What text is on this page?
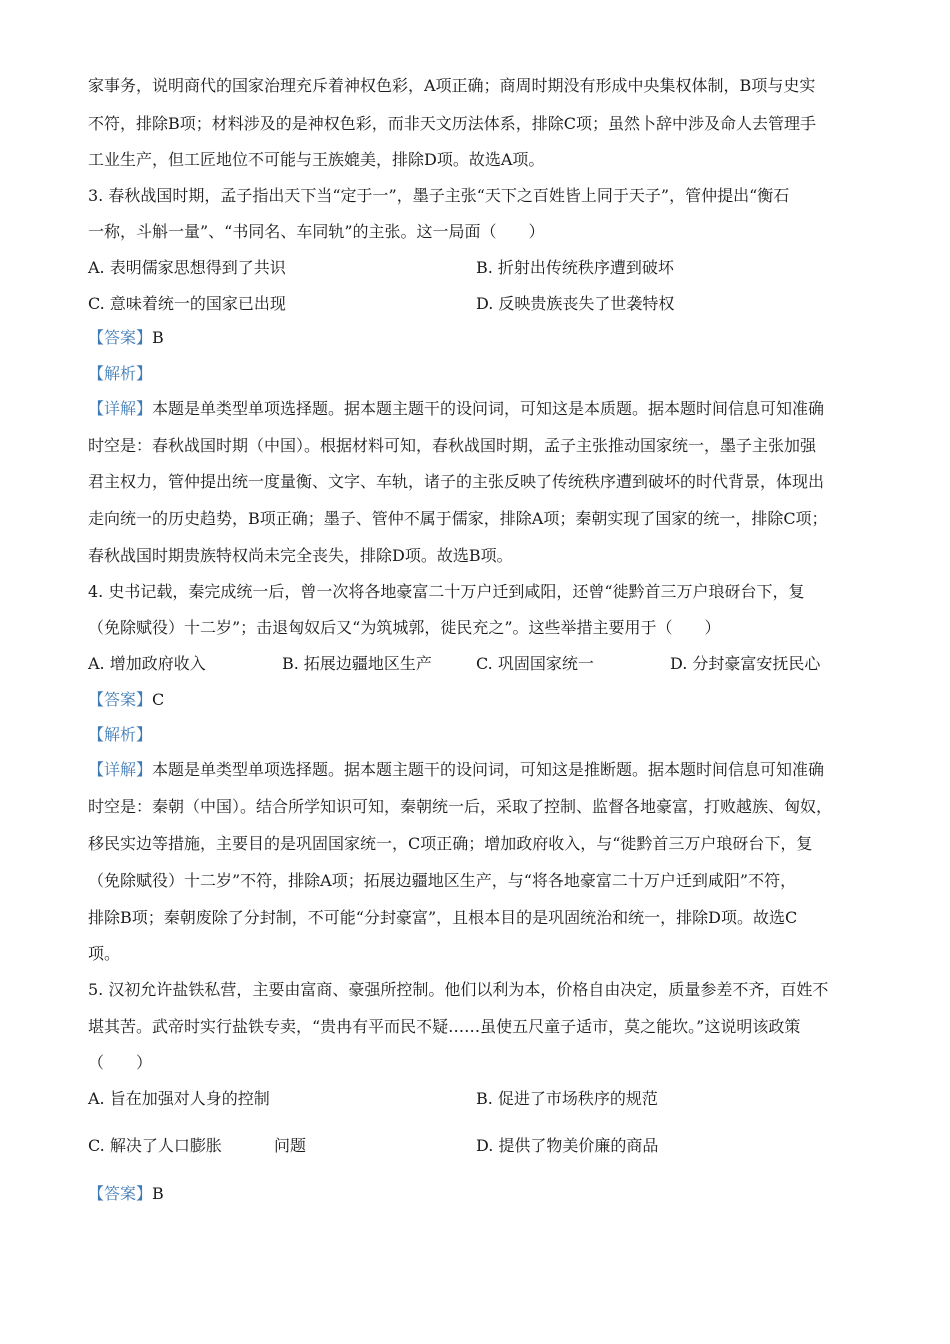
家事务，说明商代的国家治理充斥着神权色彩，A项正确；商周时期没有形成中央集权体制，B项与史实
不符，排除B项；材料涉及的是神权色彩，而非天文历法体系，排除C项；虽然卜辞中涉及命人去管理手
工业生产，但工匠地位不可能与王族媲美，排除D项。故选A项。
3. 春秋战国时期，孟子指出天下当“定于一”，墨子主张“天下之百姓皆上同于天子”，管仲提出“衡石
一称，斗斛一量”、“书同名、车同轨”的主张。这一局面（　　）
A. 表明儒家思想得到了共识	B. 折射出传统秩序遭到破坏
C. 意味着统一的国家已出现	D. 反映贵族丧失了世袭特权
【答案】B
【解析】
【详解】本题是单类型单项选择题。据本题主题干的设问词，可知这是本质题。据本题时间信息可知准确
时空是：春秋战国时期（中国）。根据材料可知，春秋战国时期，孟子主张推动国家统一，墨子主张加强
君主权力，管仲提出统一度量衡、文字、车轨，诸子的主张反映了传统秩序遭到破坏的时代背景，体现出
走向统一的历史趋势，B项正确；墨子、管仲不属于儒家，排除A项；秦朝实现了国家的统一，排除C项；
春秋战国时期贵族特权尚未完全丧失，排除D项。故选B项。
4. 史书记载，秦完成统一后，曾一次将各地豪富二十万户迁到咸阳，还曾“徙黔首三万户琅砑台下，复
（免除赋役）十二岁”；击退匈奴后又“为筑城郭，徙民充之”。这些举措主要用于（　　）
A. 增加政府收入	B. 拓展边疆地区生产	C. 巩固国家统一	D. 分封豪富安抚民心
【答案】C
【解析】
【详解】本题是单类型单项选择题。据本题主题干的设问词，可知这是推断题。据本题时间信息可知准确
时空是：秦朝（中国）。结合所学知识可知，秦朝统一后，采取了控制、监督各地豪富，打败越族、匈奴，
移民实边等措施，主要目的是巩固国家统一，C项正确；增加政府收入，与“徙黔首三万户琅砑台下，复
（免除赋役）十二岁”不符，排除A项；拓展边疆地区生产，与“将各地豪富二十万户迁到咸阳”不符，
排除B项；秦朝废除了分封制，不可能“分封豪富”，且根本目的是巩固统治和统一，排除D项。故选C
项。
5. 汉初允许盐铁私营，主要由富商、豪强所控制。他们以利为本，价格自由决定，质量参差不齐，百姓不
堪其苦。武帝时实行盐铁专卖，“贵冉有平而民不疑……虽使五尺童子适市，莫之能坎。”这说明该政策
（　　）
A. 旨在加强对人身的控制	B. 促进了市场秩序的规范
C. 解决了人口膨胀	问题	D. 提供了物美价廉的商品
【答案】B
